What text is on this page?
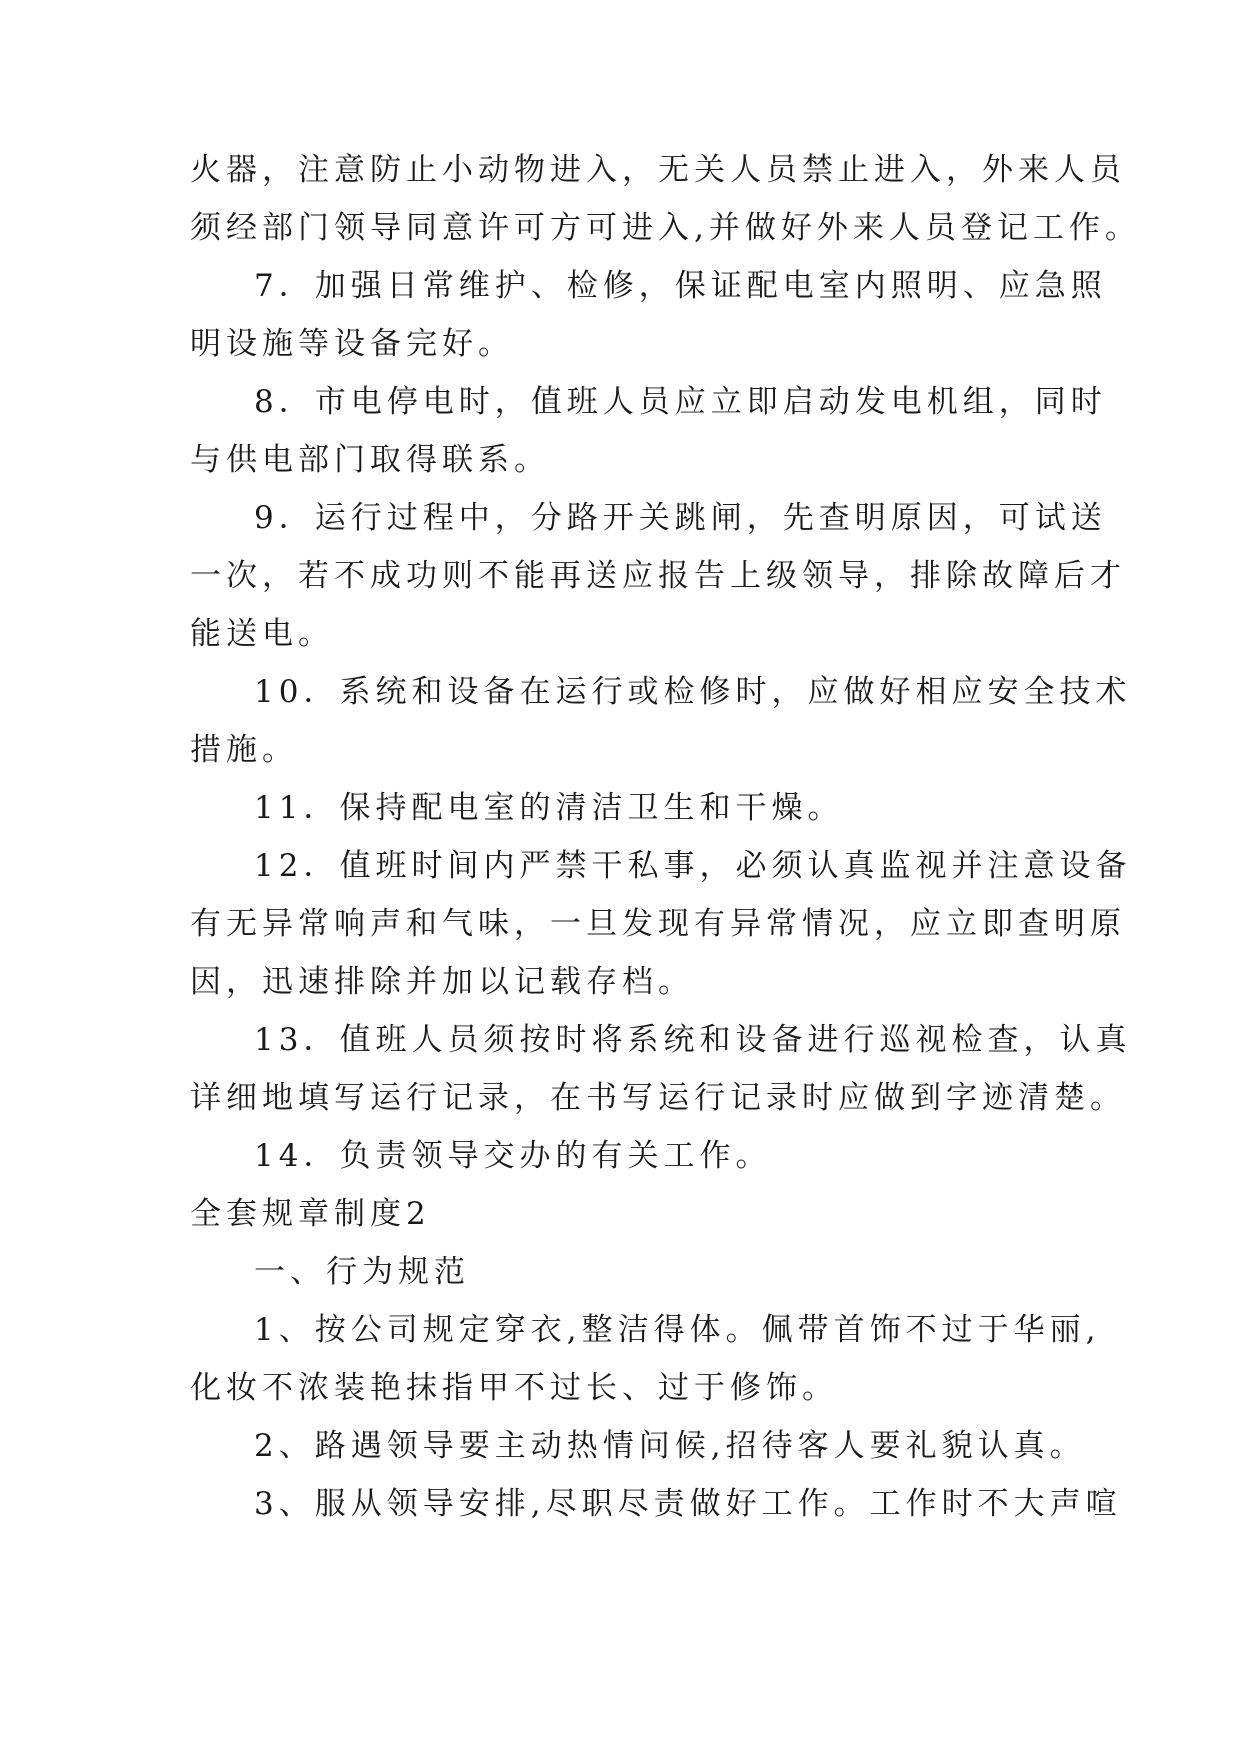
火器，注意防止小动物进入，无关人员禁止进入，外来人员
须经部门领导同意许可方可进入,并做好外来人员登记工作。
7．加强日常维护、检修，保证配电室内照明、应急照
明设施等设备完好。
8．市电停电时，值班人员应立即启动发电机组，同时
与供电部门取得联系。
9．运行过程中，分路开关跳闸，先查明原因，可试送
一次，若不成功则不能再送应报告上级领导，排除故障后才
能送电。
10．系统和设备在运行或检修时，应做好相应安全技术
措施。
11．保持配电室的清洁卫生和干燥。
12．值班时间内严禁干私事，必须认真监视并注意设备
有无异常响声和气味，一旦发现有异常情况，应立即查明原
因，迅速排除并加以记载存档。
13．值班人员须按时将系统和设备进行巡视检查，认真
详细地填写运行记录，在书写运行记录时应做到字迹清楚。
14．负责领导交办的有关工作。
全套规章制度2
一、行为规范
1、按公司规定穿衣,整洁得体。佩带首饰不过于华丽,
化妆不浓装艳抹指甲不过长、过于修饰。
2、路遇领导要主动热情问候,招待客人要礼貌认真。
3、服从领导安排,尽职尽责做好工作。工作时不大声喧
